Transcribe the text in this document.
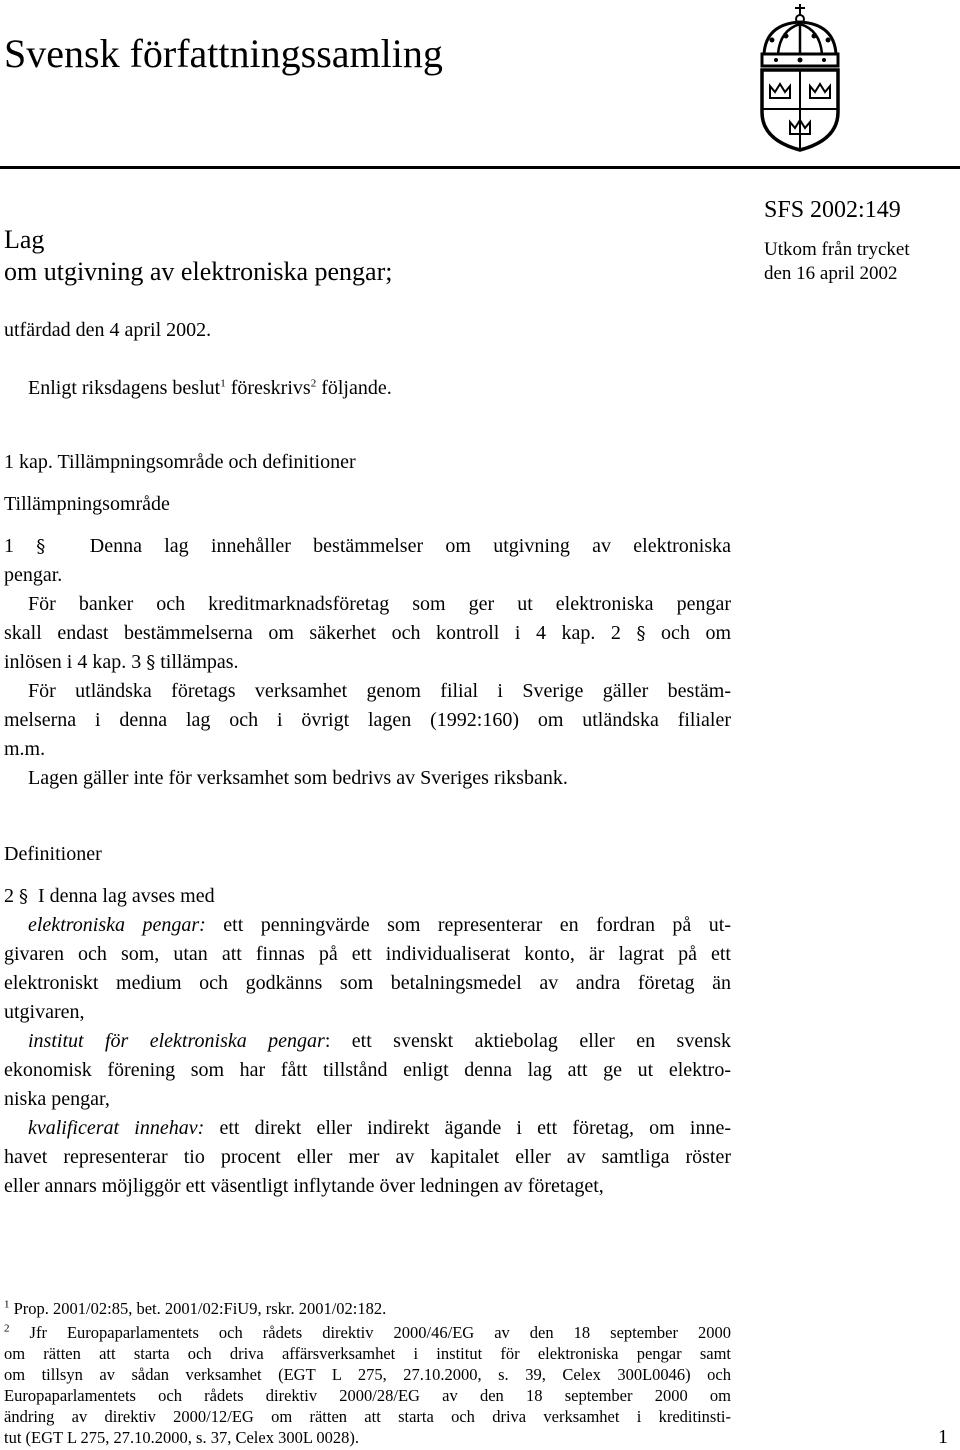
Svensk författningssamling
Lag
om utgivning av elektroniska pengar;
SFS 2002:149
Utkom från trycket
den 16 april 2002
utfärdad den 4 april 2002.
Enligt riksdagens beslut$^1$ föreskrivs$^2$ följande.
1 kap. Tillämpningsområde och definitioner
Tillämpningsområde
1 § Denna lag innehåller bestämmelser om utgivning av elektroniska
pengar.
För banker och kreditmarknadsföretag som ger ut elektroniska pengar
skall endast bestämmelserna om säkerhet och kontroll i 4 kap. 2 § och om
inlösen i 4 kap. 3 § tillämpas.
För utländska företags verksamhet genom filial i Sverige gäller bestäm-
melserna i denna lag och i övrigt lagen (1992:160) om utländska filialer
m.m.
Lagen gäller inte för verksamhet som bedrivs av Sveriges riksbank.
Definitioner
2 § I denna lag avses med
elektroniska pengar: ett penningvärde som representerar en fordran på ut-
givaren och som, utan att finnas på ett individualiserat konto, är lagrat på ett
elektroniskt medium och godkänns som betalningsmedel av andra företag än
utgivaren,
institut för elektroniska pengar: ett svenskt aktiebolag eller en svensk
ekonomisk förening som har fått tillstånd enligt denna lag att ge ut elektro-
niska pengar,
kvalificerat innehav: ett direkt eller indirekt ägande i ett företag, om inne-
havet representerar tio procent eller mer av kapitalet eller av samtliga röster
eller annars möjliggör ett väsentligt inflytande över ledningen av företaget,
$^1$ Prop. 2001/02:85, bet. 2001/02:FiU9, rskr. 2001/02:182.
$^2$ Jfr Europaparlamentets och rådets direktiv 2000/46/EG av den 18 september 2000
om rätten att starta och driva affärsverksamhet i institut för elektroniska pengar samt
om tillsyn av sådan verksamhet (EGT L 275, 27.10.2000, s. 39, Celex 300L0046) och
Europaparlamentets och rådets direktiv 2000/28/EG av den 18 september 2000 om
ändring av direktiv 2000/12/EG om rätten att starta och driva verksamhet i kreditinsti-
tut (EGT L 275, 27.10.2000, s. 37, Celex 300L 0028).	1
